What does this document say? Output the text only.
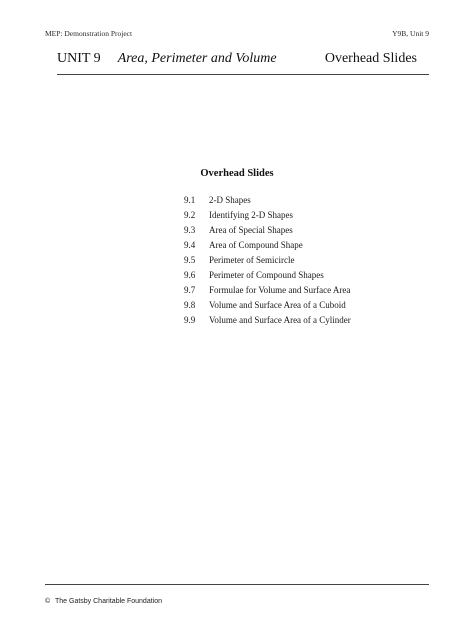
MEP: Demonstration Project	Y9B, Unit 9
UNIT 9 Area, Perimeter and Volume	Overhead Slides
Overhead Slides
9.1	2-D Shapes
9.2	Identifying 2-D Shapes
9.3	Area of Special Shapes
9.4	Area of Compound Shape
9.5	Perimeter of Semicircle
9.6	Perimeter of Compound Shapes
9.7	Formulae for Volume and Surface Area
9.8	Volume and Surface Area of a Cuboid
9.9	Volume and Surface Area of a Cylinder
© The Gatsby Charitable Foundation
